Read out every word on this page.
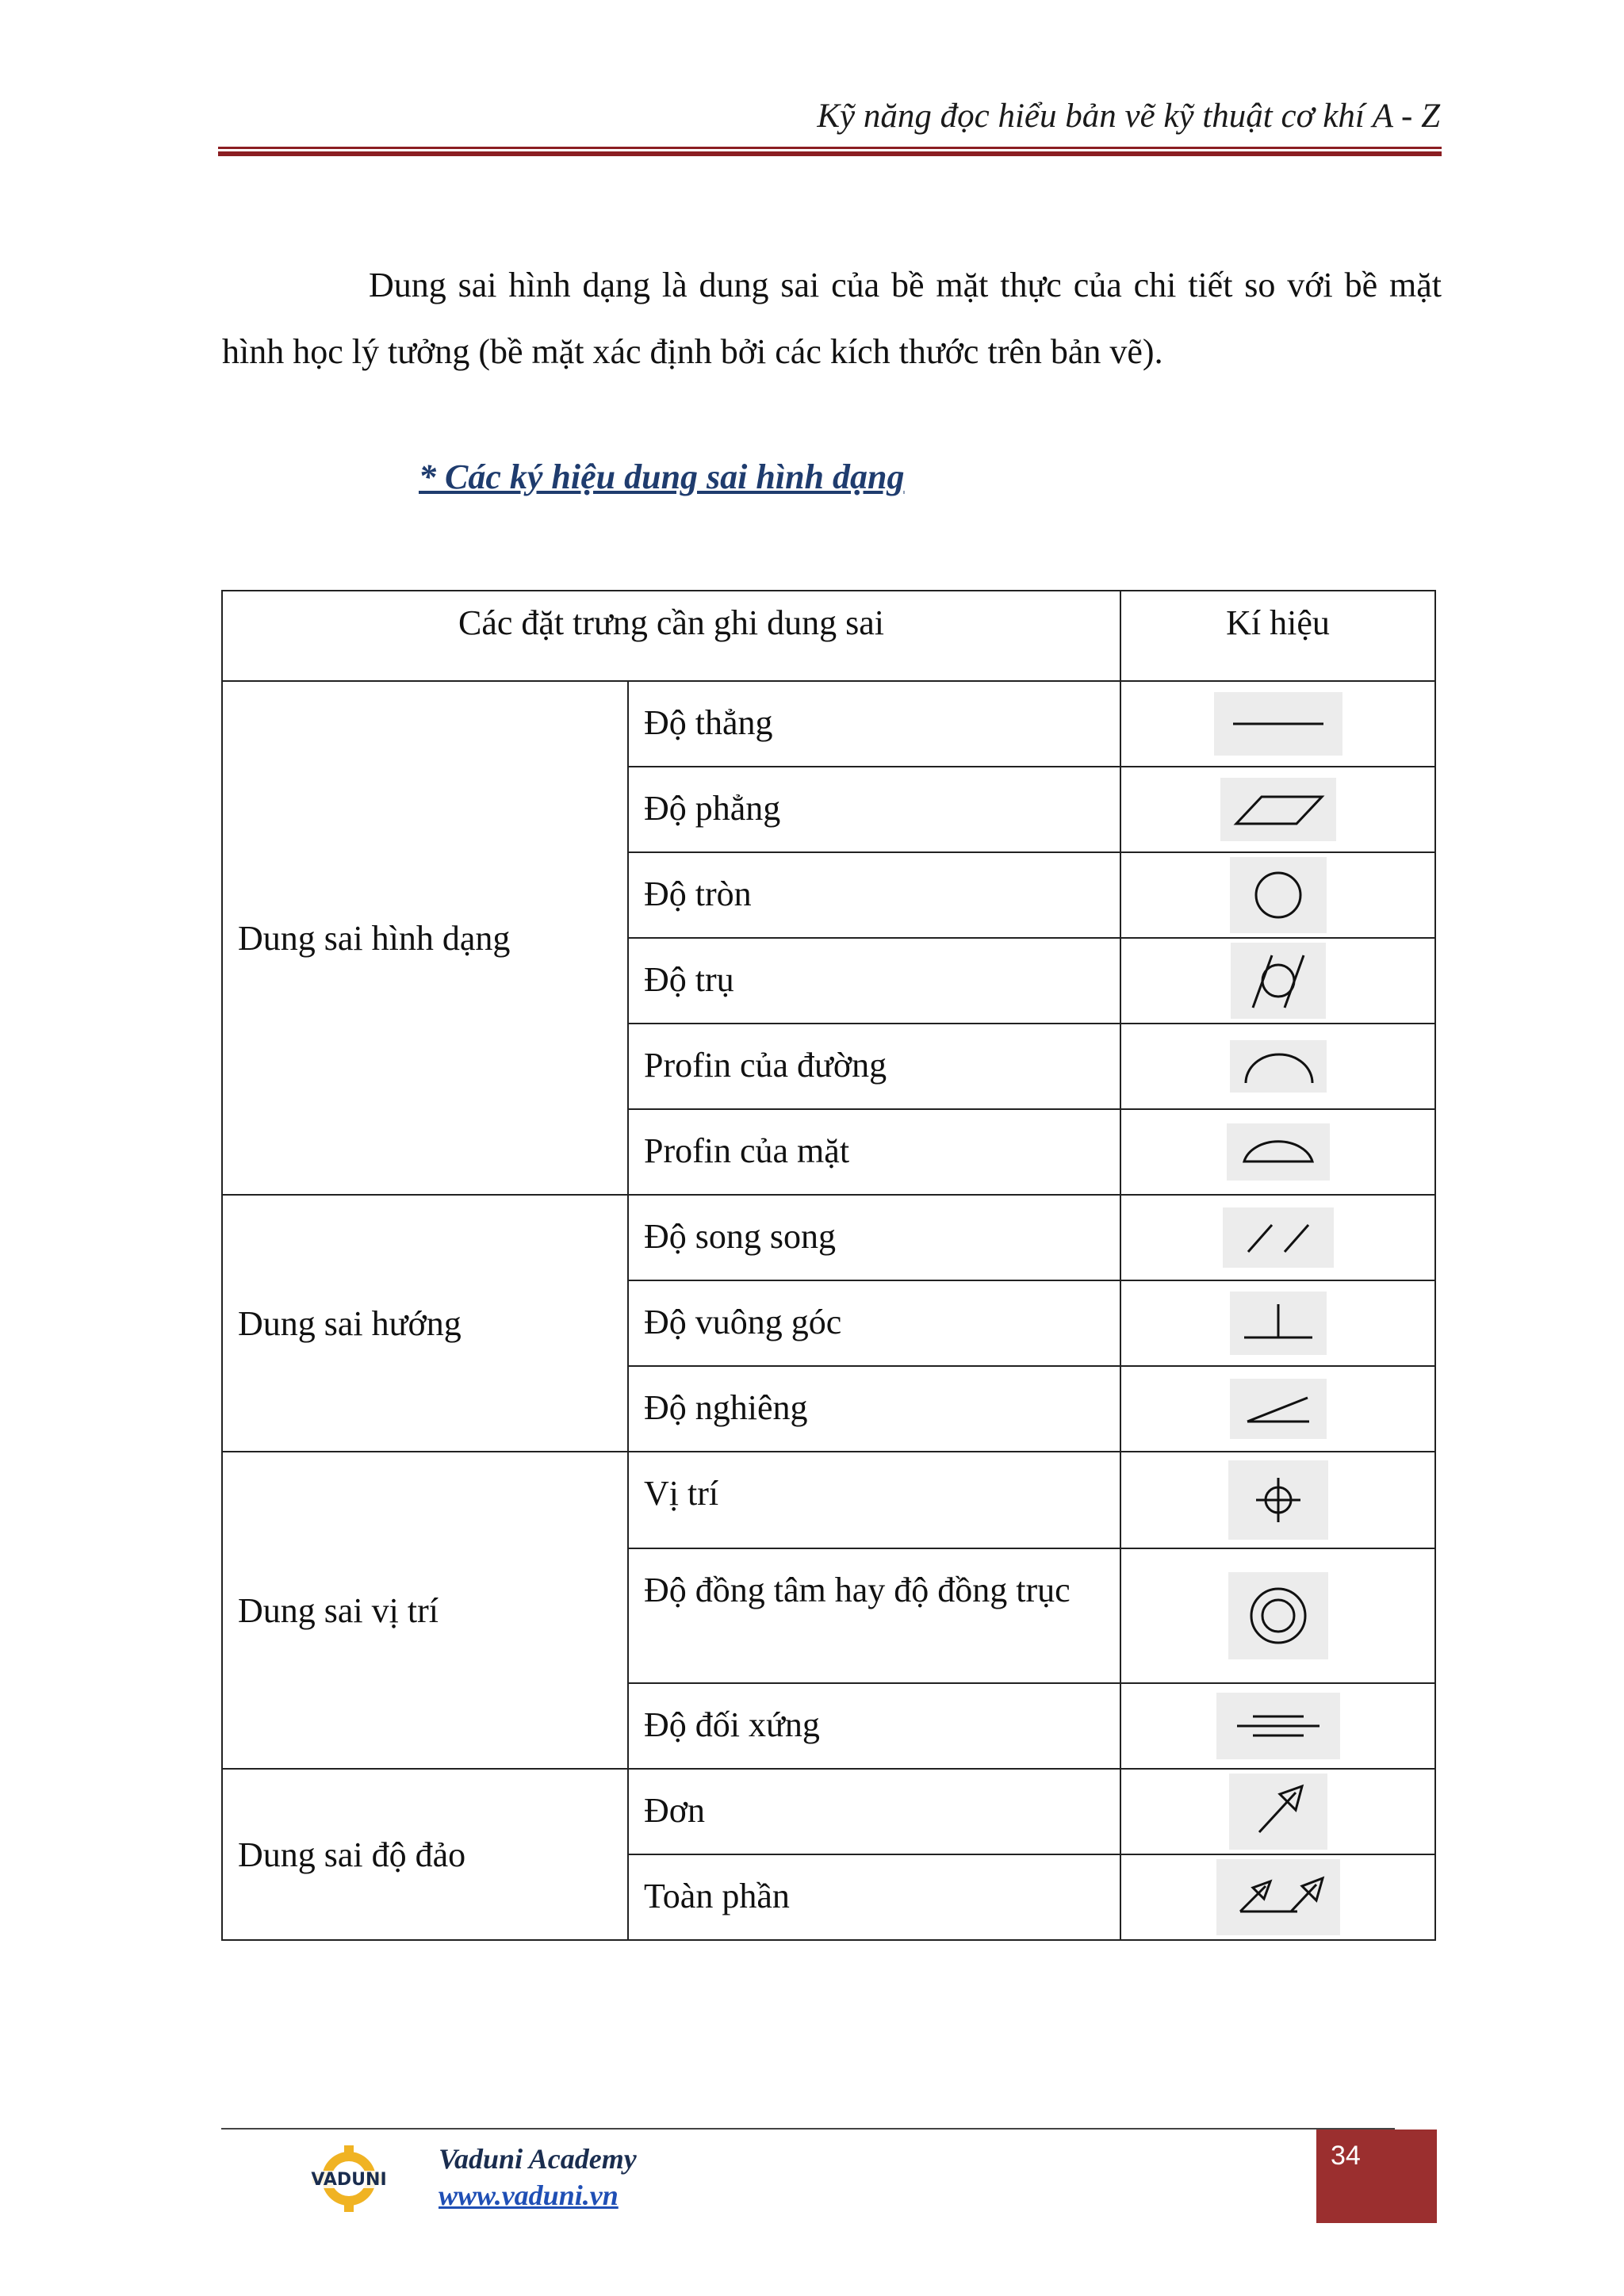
Kỹ năng đọc hiểu bản vẽ kỹ thuật cơ khí A - Z

Dung sai hình dạng là dung sai của bề mặt thực của chi tiết so với bề mặt hình học lý tưởng (bề mặt xác định bởi các kích thước trên bản vẽ).

* Các ký hiệu dung sai hình dạng
Các đặt trưng cần ghi dung sai		Kí hiệu

Dung sai hình dạng	Độ thẳng

	Độ phẳng

	Độ tròn

	Độ trụ

	Profin của đường

	Profin của mặt

Dung sai hướng	Độ song song

	Độ vuông góc

	Độ nghiêng

Dung sai vị trí	Vị trí

	Độ đồng tâm hay độ đồng trục

	Độ đối xứng

Dung sai độ đảo	Đơn

	Toàn phần

VADUNI
Vaduni Academy
www.vaduni.vn
34
